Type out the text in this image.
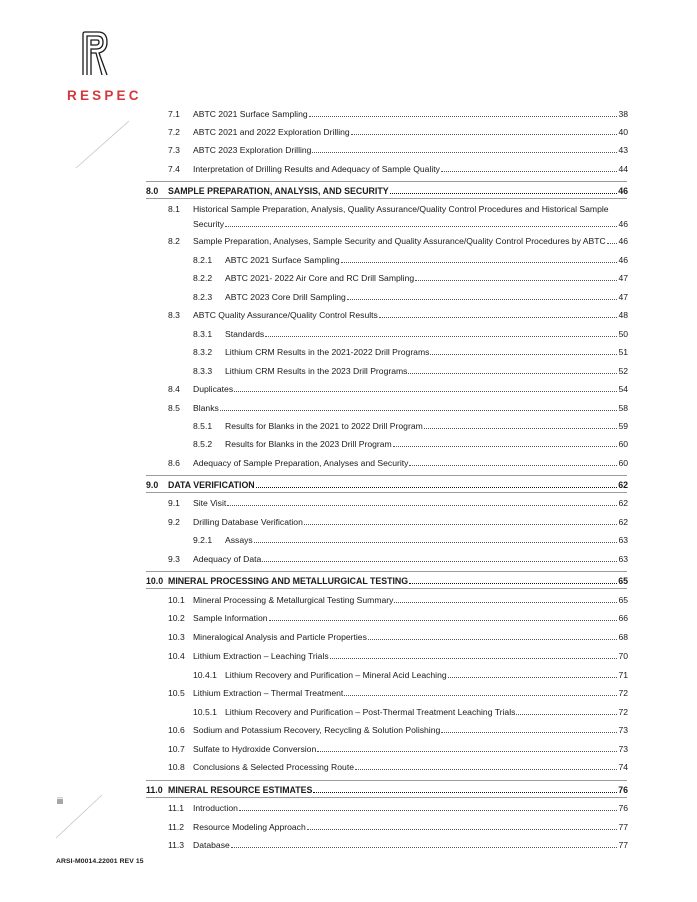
RESPEC
7.1 ABTC 2021 Surface Sampling	38
7.2 ABTC 2021 and 2022 Exploration Drilling	40
7.3 ABTC 2023 Exploration Drilling	43
7.4 Interpretation of Drilling Results and Adequacy of Sample Quality	44
8.0 SAMPLE PREPARATION, ANALYSIS, AND SECURITY	46
8.1 Historical Sample Preparation, Analysis, Quality Assurance/Quality Control Procedures and Historical Sample
Security	46
8.2 Sample Preparation, Analyses, Sample Security and Quality Assurance/Quality Control Procedures by ABTC 46
8.2.1 ABTC 2021 Surface Sampling	46
8.2.2 ABTC 2021- 2022 Air Core and RC Drill Sampling	47
8.2.3 ABTC 2023 Core Drill Sampling	47
8.3 ABTC Quality Assurance/Quality Control Results	48
8.3.1 Standards	50
8.3.2 Lithium CRM Results in the 2021-2022 Drill Programs	51
8.3.3 Lithium CRM Results in the 2023 Drill Programs	52
8.4 Duplicates	54
8.5 Blanks	58
8.5.1 Results for Blanks in the 2021 to 2022 Drill Program	59
8.5.2 Results for Blanks in the 2023 Drill Program	60
8.6 Adequacy of Sample Preparation, Analyses and Security	60
9.0 DATA VERIFICATION	62
9.1 Site Visit	62
9.2 Drilling Database Verification	62
9.2.1 Assays	63
9.3 Adequacy of Data	63
10.0 MINERAL PROCESSING AND METALLURGICAL TESTING	65
10.1 Mineral Processing & Metallurgical Testing Summary	65
10.2 Sample Information	66
10.3 Mineralogical Analysis and Particle Properties	68
10.4 Lithium Extraction – Leaching Trials	70
10.4.1 Lithium Recovery and Purification – Mineral Acid Leaching	71
10.5 Lithium Extraction – Thermal Treatment	72
10.5.1 Lithium Recovery and Purification – Post-Thermal Treatment Leaching Trials	72
10.6 Sodium and Potassium Recovery, Recycling & Solution Polishing	73
10.7 Sulfate to Hydroxide Conversion	73
10.8 Conclusions & Selected Processing Route	74
11.0 MINERAL RESOURCE ESTIMATES	76
11.1 Introduction	76
11.2 Resource Modeling Approach	77
11.3 Database	77
iii
ARSI-M0014.22001 REV 15
